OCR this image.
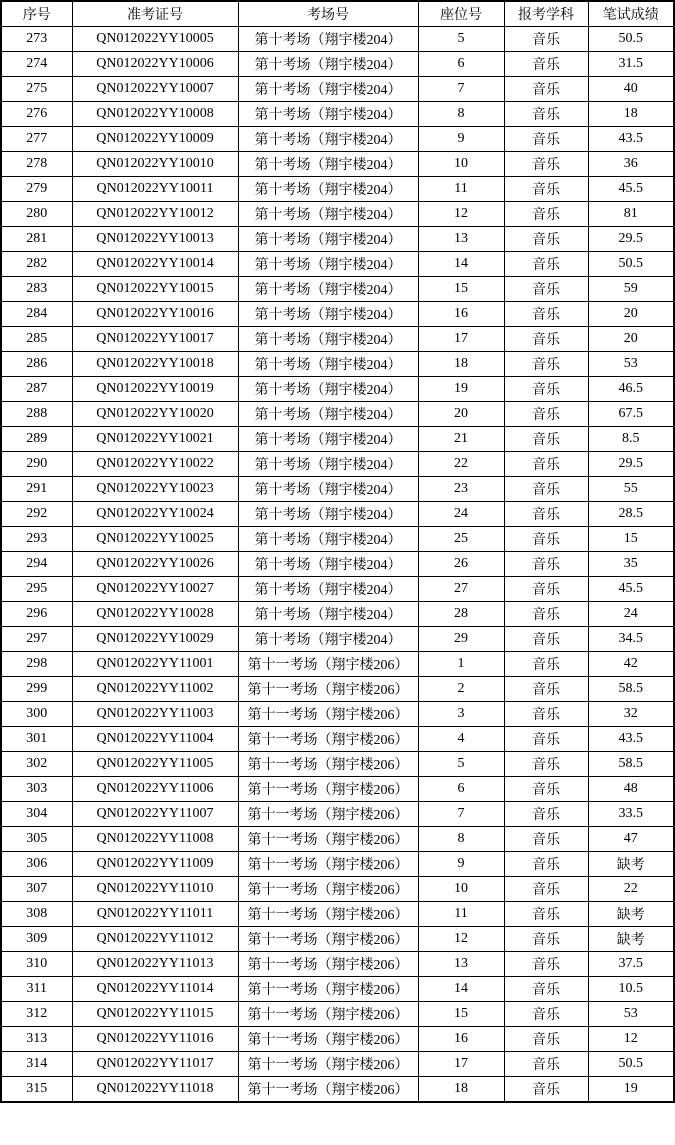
序号	准考证号	考场号	座位号	报考学科	笔试成绩
273	QN012022YY10005	第十考场（翔宇楼204）	5	音乐	50.5
274	QN012022YY10006	第十考场（翔宇楼204）	6	音乐	31.5
275	QN012022YY10007	第十考场（翔宇楼204）	7	音乐	40
276	QN012022YY10008	第十考场（翔宇楼204）	8	音乐	18
277	QN012022YY10009	第十考场（翔宇楼204）	9	音乐	43.5
278	QN012022YY10010	第十考场（翔宇楼204）	10	音乐	36
279	QN012022YY10011	第十考场（翔宇楼204）	11	音乐	45.5
280	QN012022YY10012	第十考场（翔宇楼204）	12	音乐	81
281	QN012022YY10013	第十考场（翔宇楼204）	13	音乐	29.5
282	QN012022YY10014	第十考场（翔宇楼204）	14	音乐	50.5
283	QN012022YY10015	第十考场（翔宇楼204）	15	音乐	59
284	QN012022YY10016	第十考场（翔宇楼204）	16	音乐	20
285	QN012022YY10017	第十考场（翔宇楼204）	17	音乐	20
286	QN012022YY10018	第十考场（翔宇楼204）	18	音乐	53
287	QN012022YY10019	第十考场（翔宇楼204）	19	音乐	46.5
288	QN012022YY10020	第十考场（翔宇楼204）	20	音乐	67.5
289	QN012022YY10021	第十考场（翔宇楼204）	21	音乐	8.5
290	QN012022YY10022	第十考场（翔宇楼204）	22	音乐	29.5
291	QN012022YY10023	第十考场（翔宇楼204）	23	音乐	55
292	QN012022YY10024	第十考场（翔宇楼204）	24	音乐	28.5
293	QN012022YY10025	第十考场（翔宇楼204）	25	音乐	15
294	QN012022YY10026	第十考场（翔宇楼204）	26	音乐	35
295	QN012022YY10027	第十考场（翔宇楼204）	27	音乐	45.5
296	QN012022YY10028	第十考场（翔宇楼204）	28	音乐	24
297	QN012022YY10029	第十考场（翔宇楼204）	29	音乐	34.5
298	QN012022YY11001	第十一考场（翔宇楼206）	1	音乐	42
299	QN012022YY11002	第十一考场（翔宇楼206）	2	音乐	58.5
300	QN012022YY11003	第十一考场（翔宇楼206）	3	音乐	32
301	QN012022YY11004	第十一考场（翔宇楼206）	4	音乐	43.5
302	QN012022YY11005	第十一考场（翔宇楼206）	5	音乐	58.5
303	QN012022YY11006	第十一考场（翔宇楼206）	6	音乐	48
304	QN012022YY11007	第十一考场（翔宇楼206）	7	音乐	33.5
305	QN012022YY11008	第十一考场（翔宇楼206）	8	音乐	47
306	QN012022YY11009	第十一考场（翔宇楼206）	9	音乐	缺考
307	QN012022YY11010	第十一考场（翔宇楼206）	10	音乐	22
308	QN012022YY11011	第十一考场（翔宇楼206）	11	音乐	缺考
309	QN012022YY11012	第十一考场（翔宇楼206）	12	音乐	缺考
310	QN012022YY11013	第十一考场（翔宇楼206）	13	音乐	37.5
311	QN012022YY11014	第十一考场（翔宇楼206）	14	音乐	10.5
312	QN012022YY11015	第十一考场（翔宇楼206）	15	音乐	53
313	QN012022YY11016	第十一考场（翔宇楼206）	16	音乐	12
314	QN012022YY11017	第十一考场（翔宇楼206）	17	音乐	50.5
315	QN012022YY11018	第十一考场（翔宇楼206）	18	音乐	19
